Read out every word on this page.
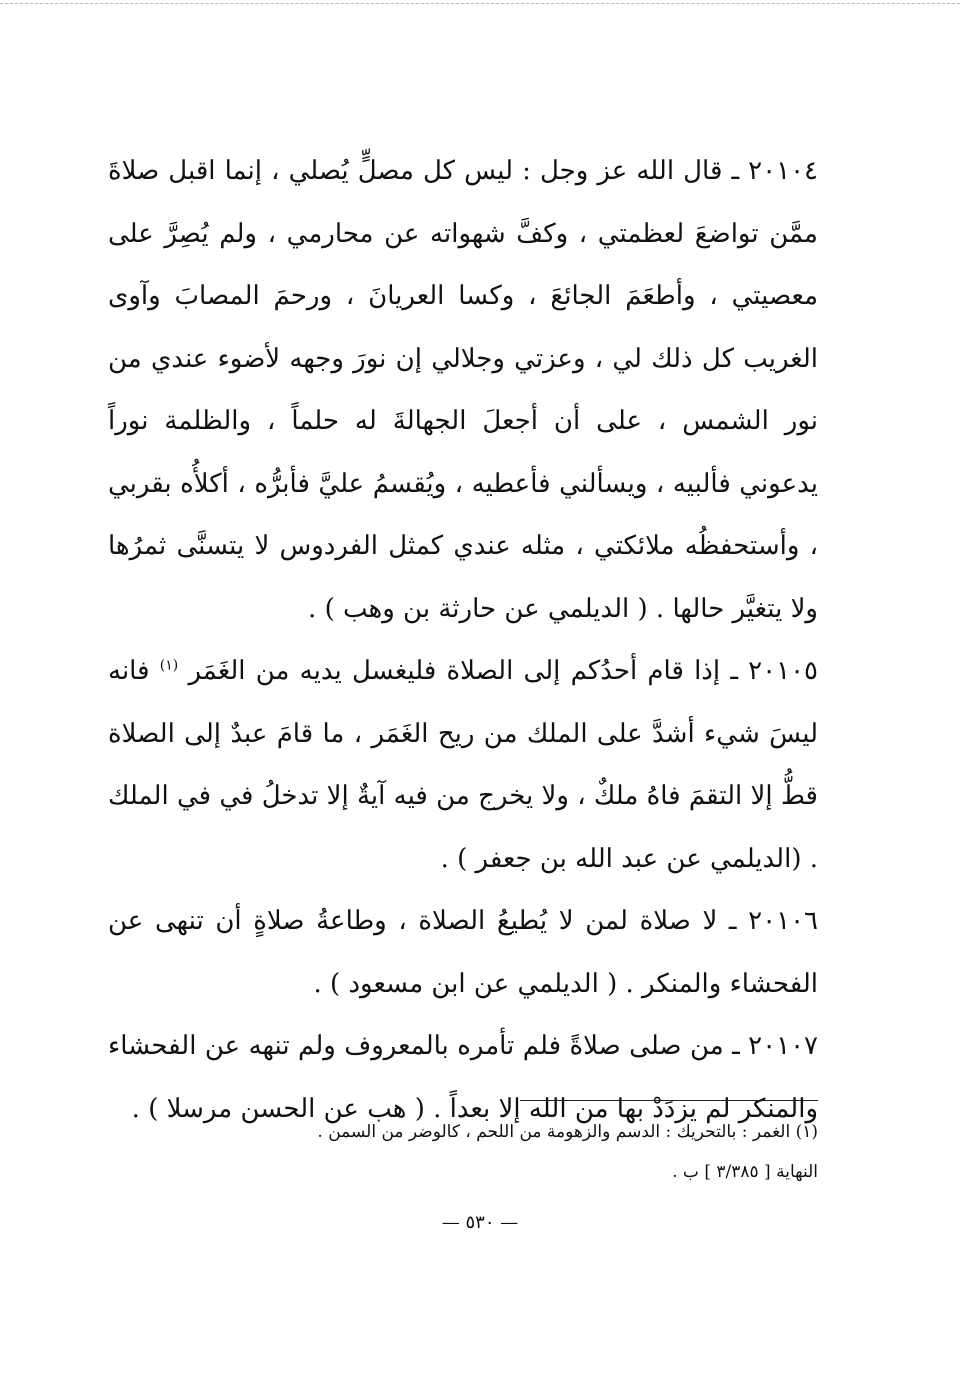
٢٠١٠٤ ـ قال الله عز وجل : ليس كل مصلٍّ يُصلي ، إنما اقبل صلاةَ ممَّن تواضعَ لعظمتي ، وكفَّ شهواته عن محارمي ، ولم يُصِرَّ على معصيتي ، وأطعَمَ الجائعَ ، وكسا العريانَ ، ورحمَ المصابَ وآوى الغريب كل ذلك لي ، وعزتي وجلالي إن نورَ وجهه لأضوء عندي من نور الشمس ، على أن أجعلَ الجهالةَ له حلماً ، والظلمة نوراً يدعوني فألبيه ، ويسألني فأعطيه ، ويُقسمُ عليَّ فأبرُّه ، أكلأُه بقربي ، وأستحفظُه ملائكتي ، مثله عندي كمثل الفردوس لا يتسنَّى ثمرُها ولا يتغيَّر حالها . ( الديلمي عن حارثة بن وهب ) .

٢٠١٠٥ ـ إذا قام أحدُكم إلى الصلاة فليغسل يديه من الغَمَر $^{(١)}$ فانه ليسَ شيء أشدَّ على الملك من ريح الغَمَر ، ما قامَ عبدٌ إلى الصلاة قطُّ إلا التقمَ فاهُ ملكٌ ، ولا يخرج من فيه آيةٌ إلا تدخلُ في في الملك . (الديلمي عن عبد الله بن جعفر ) .

٢٠١٠٦ ـ لا صلاة لمن لا يُطيعُ الصلاة ، وطاعةُ صلاةٍ أن تنهى عن الفحشاء والمنكر . ( الديلمي عن ابن مسعود ) .

٢٠١٠٧ ـ من صلى صلاةً فلم تأمره بالمعروف ولم تنهه عن الفحشاء والمنكر لم يزدَدْ بها من الله إلا بعداً . ( هب عن الحسن مرسلا ) .

(١) الغمر : بالتحريك : الدسم والزهومة من اللحم ، كالوضر من السمن .

النهاية [ ٣/٣٨٥ ] ب .

— ٥٣٠ —
